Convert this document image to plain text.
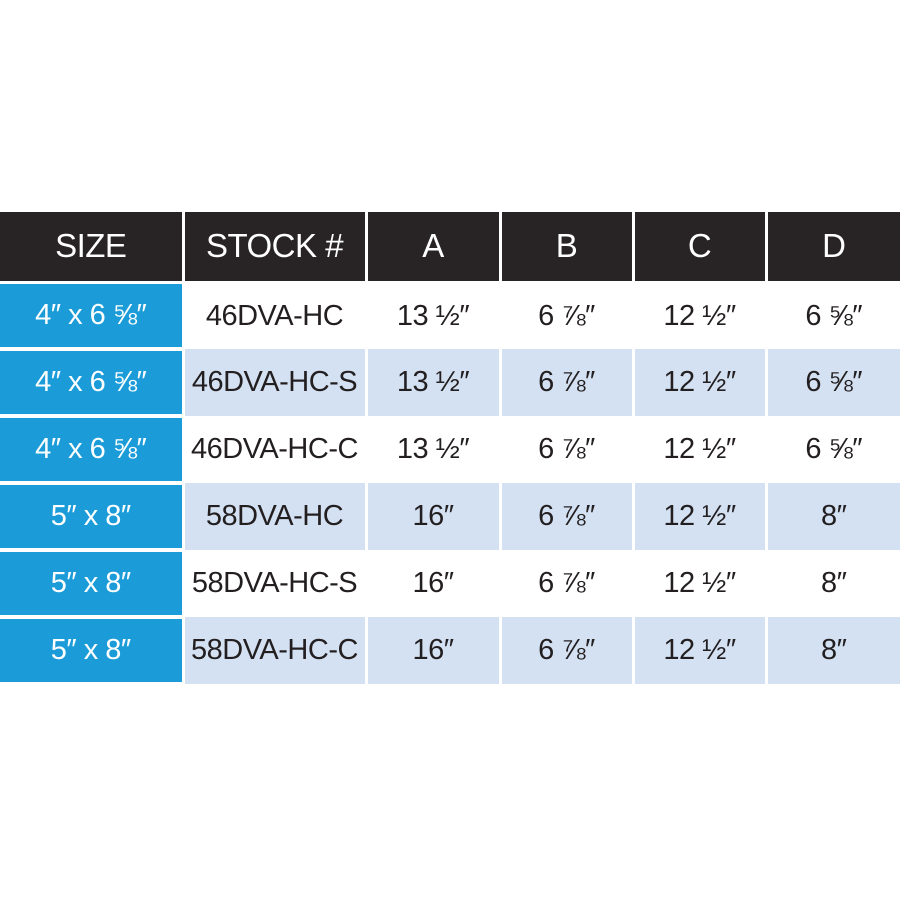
SIZE	STOCK #	A	B	C	D
4″ x 6 ⅝″	46DVA-HC	13 ½″	6 ⅞″	12 ½″	6 ⅝″
4″ x 6 ⅝″	46DVA-HC-S	13 ½″	6 ⅞″	12 ½″	6 ⅝″
4″ x 6 ⅝″	46DVA-HC-C	13 ½″	6 ⅞″	12 ½″	6 ⅝″
5″ x 8″	58DVA-HC	16″	6 ⅞″	12 ½″	8″
5″ x 8″	58DVA-HC-S	16″	6 ⅞″	12 ½″	8″
5″ x 8″	58DVA-HC-C	16″	6 ⅞″	12 ½″	8″
